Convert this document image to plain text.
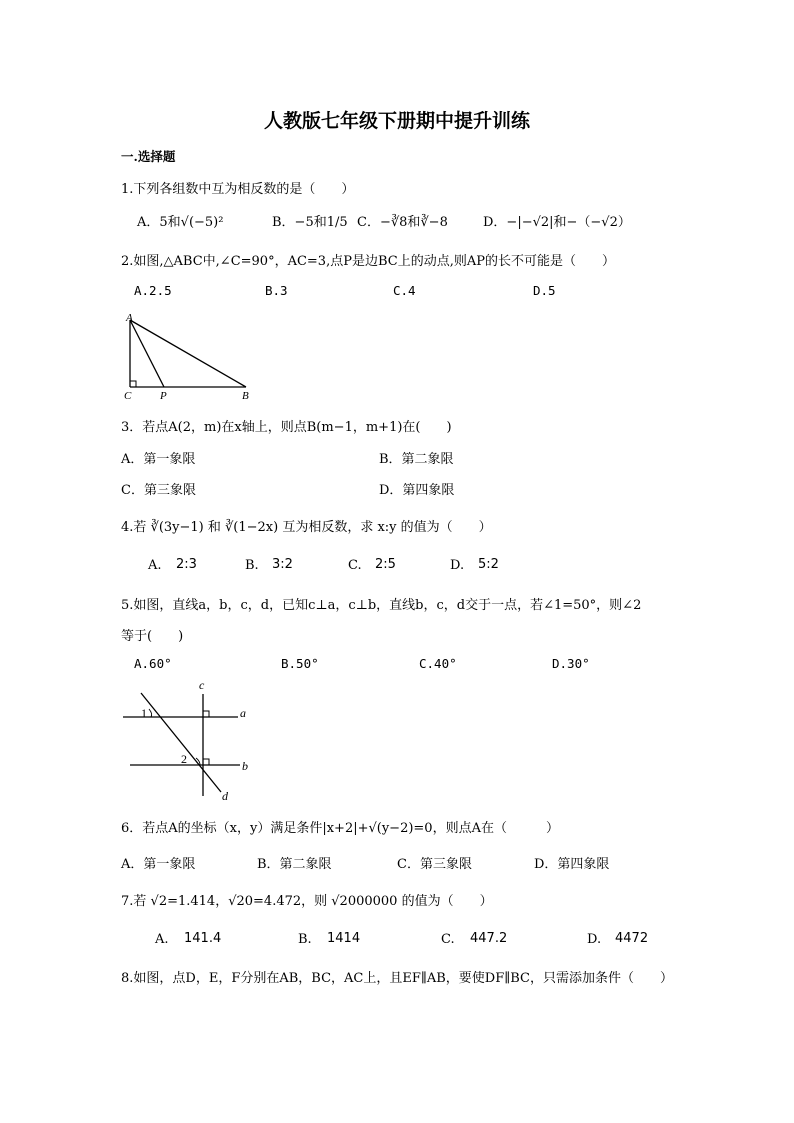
人教版七年级下册期中提升训练
一.选择题
1.下列各组数中互为相反数的是（　　）
A．5和√(−5)²	B．−5和1/5 C．−∛8和∛−8	D．−|−√2|和−（−√2）
2.如图,△ABC中,∠C=90°，AC=3,点P是边BC上的动点,则AP的长不可能是（　　）
A.2.5	B.3	C.4	D.5
A
C	P	B
3．若点A(2，m)在x轴上，则点B(m−1，m+1)在(　　)
A．第一象限	B．第二象限
C．第三象限	D．第四象限
4.若 ∛(3y−1) 和 ∛(1−2x) 互为相反数，求 x:y 的值为（　　）
A. 2:3	B. 3:2	C. 2:5	D. 5:2
5.如图，直线a，b，c，d，已知c⊥a，c⊥b，直线b，c，d交于一点，若∠1=50°，则∠2
等于(　　)
A.60°	B.50°	C.40°	D.30°
c
a
b
d
1
2
6．若点A的坐标（x，y）满足条件|x+2|+√(y−2)=0，则点A在（　　　）
A．第一象限	B．第二象限	C．第三象限	D．第四象限
7.若 √2=1.414，√20=4.472，则 √2000000 的值为（　　）
A. 141.4	B. 1414	C. 447.2	D. 4472
8.如图，点D，E，F分别在AB，BC，AC上，且EF∥AB，要使DF∥BC，只需添加条件（　　）
